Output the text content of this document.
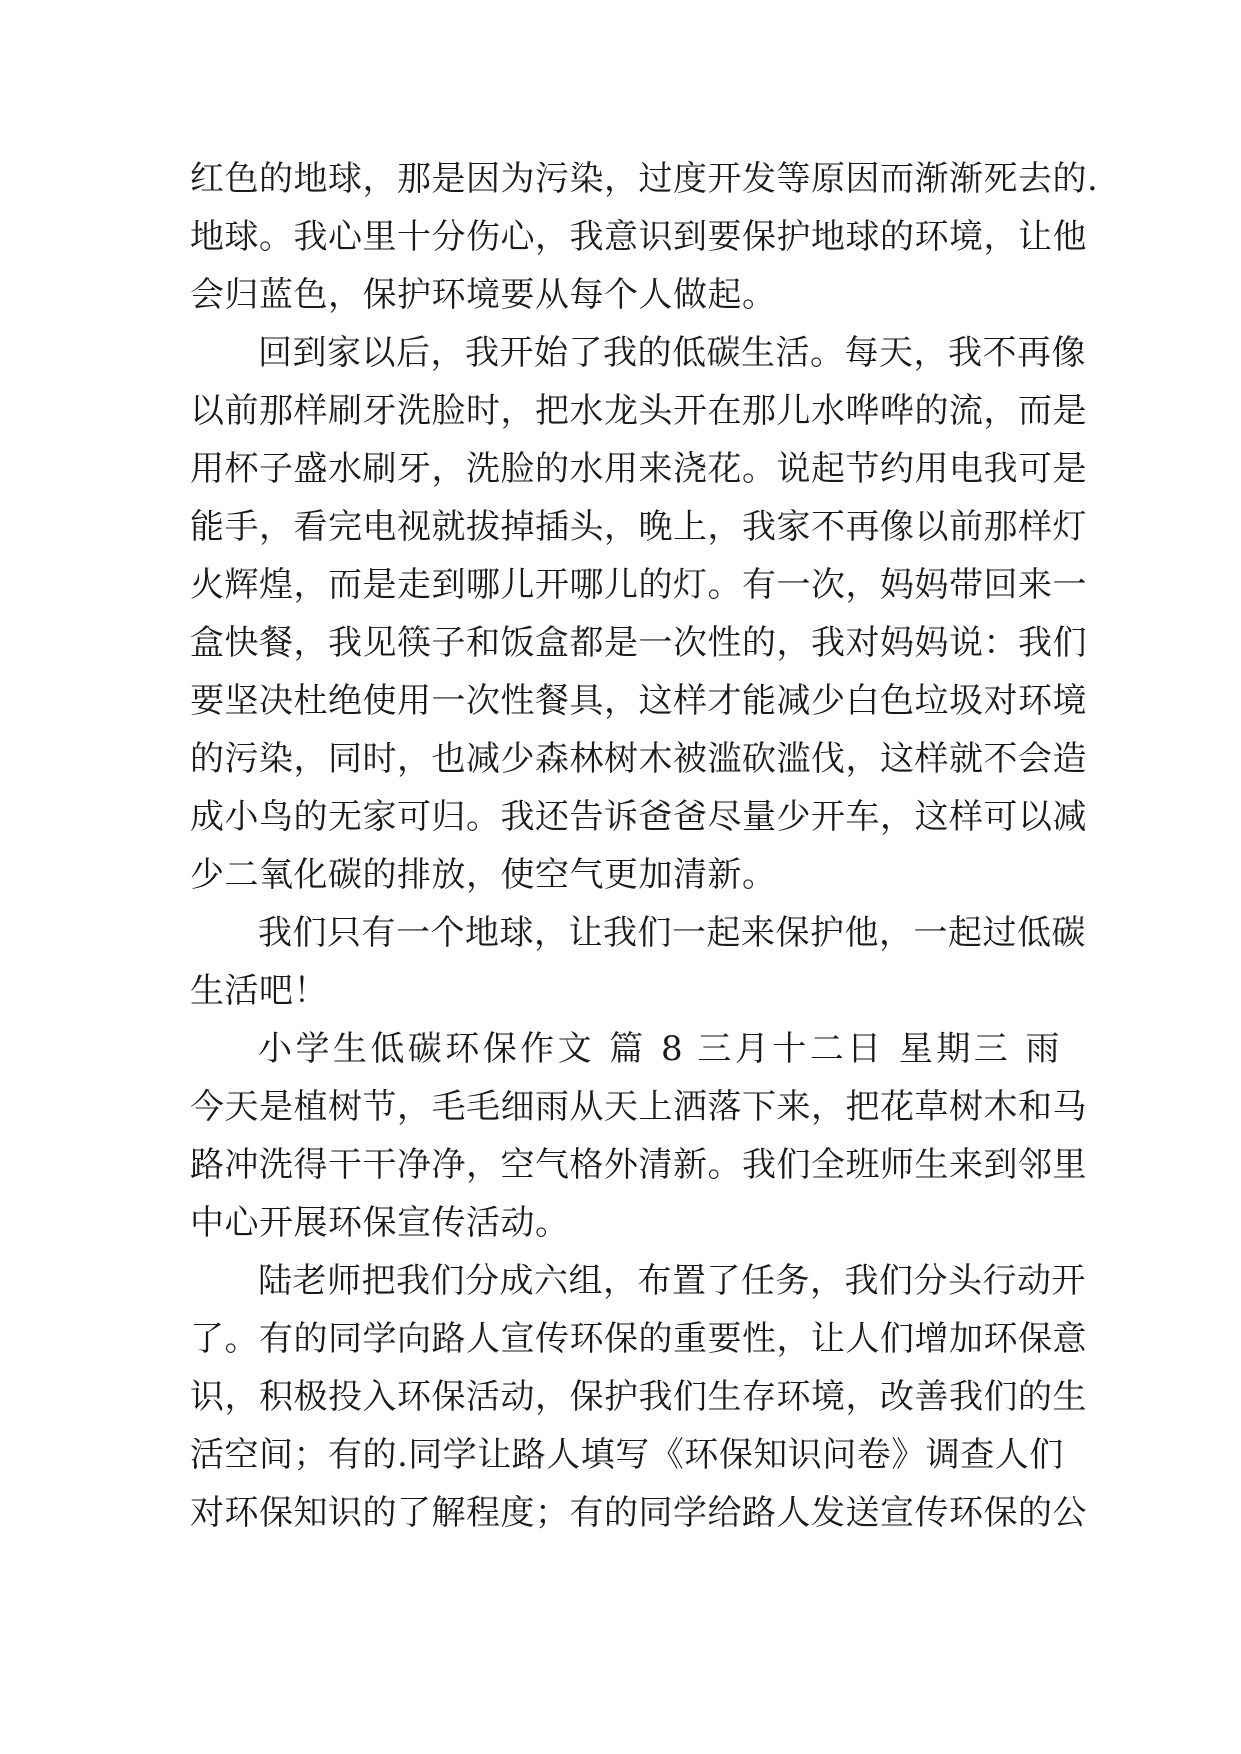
红色的地球，那是因为污染，过度开发等原因而渐渐死去的.
地球。我心里十分伤心，我意识到要保护地球的环境，让他
会归蓝色，保护环境要从每个人做起。
回到家以后，我开始了我的低碳生活。每天，我不再像
以前那样刷牙洗脸时，把水龙头开在那儿水哗哗的流，而是
用杯子盛水刷牙，洗脸的水用来浇花。说起节约用电我可是
能手，看完电视就拔掉插头，晚上，我家不再像以前那样灯
火辉煌，而是走到哪儿开哪儿的灯。有一次，妈妈带回来一
盒快餐，我见筷子和饭盒都是一次性的，我对妈妈说：我们
要坚决杜绝使用一次性餐具，这样才能减少白色垃圾对环境
的污染，同时，也减少森林树木被滥砍滥伐，这样就不会造
成小鸟的无家可归。我还告诉爸爸尽量少开车，这样可以减
少二氧化碳的排放，使空气更加清新。
我们只有一个地球，让我们一起来保护他，一起过低碳
生活吧！
小学生低碳环保作文 篇 8 三月十二日 星期三 雨
今天是植树节，毛毛细雨从天上洒落下来，把花草树木和马
路冲洗得干干净净，空气格外清新。我们全班师生来到邻里
中心开展环保宣传活动。
陆老师把我们分成六组，布置了任务，我们分头行动开
了。有的同学向路人宣传环保的重要性，让人们增加环保意
识，积极投入环保活动，保护我们生存环境，改善我们的生
活空间；有的.同学让路人填写《环保知识问卷》调查人们
对环保知识的了解程度；有的同学给路人发送宣传环保的公
